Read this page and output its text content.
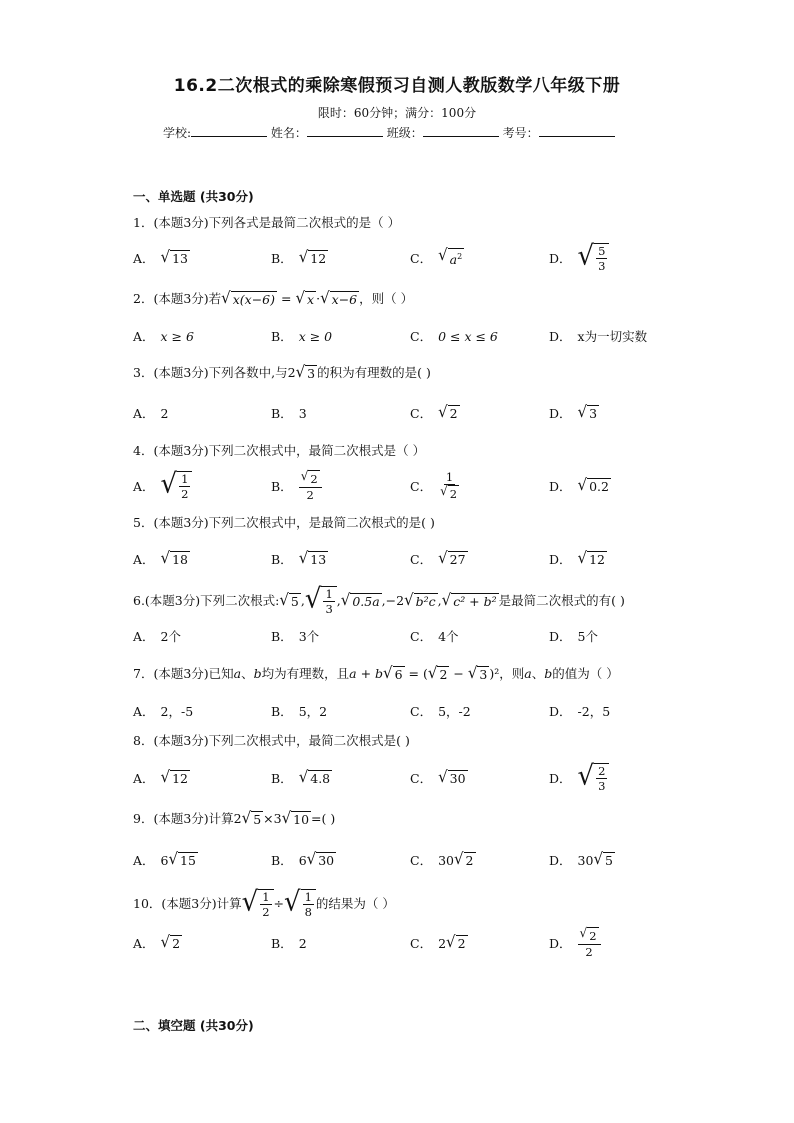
16.2二次根式的乘除寒假预习自测人教版数学八年级下册
限时：60分钟；满分：100分
学校:	姓名：	班级：	考号：
一、单选题 (共30分)
1．(本题3分)下列各式是最简二次根式的是（ ）
A． √ 13	B． √ 12	C． √ $a^2$	D． √ $\frac{5}{3}$
2．(本题3分)若 √ x(x−6) = √ x · √ x−6 ，则（ ）
A． x ≥ 6	B． x ≥ 0	C． 0 ≤ x ≤ 6	D． x为一切实数
3．(本题3分)下列各数中,与2 √ 3 的积为有理数的是( )
A． 2	B． 3	C． √ 2	D． √ 3
4．(本题3分)下列二次根式中，最简二次根式是（ ）
A． √ $\frac{1}{2}$	B． $\frac{√ 2}{2}$	C． $\frac{1}{√ 2}$	D． √ 0.2
5．(本题3分)下列二次根式中，是最简二次根式的是( )
A． √ 18	B． √ 13	C． √ 27	D． √ 12
6.(本题3分)下列二次根式: √ 5 , √ $\frac{1}{3}$ , √ 0.5a ,−2 √ b²c , √ c² + b² 是最简二次根式的有( )
A． 2个	B． 3个	C． 4个	D． 5个
7．(本题3分)已知a、b均为有理数，且a + b √ 6 = ( √ 2 − √ 3 )²，则a、b的值为（ ）
A． 2，-5	B． 5，2	C． 5，-2	D． -2，5
8．(本题3分)下列二次根式中，最简二次根式是( )
A． √ 12	B． √ 4.8	C． √ 30	D． √ $\frac{2}{3}$
9．(本题3分)计算2 √ 5 ×3 √ 10 =( )
A． 6 √ 15	B． 6 √ 30	C． 30 √ 2	D． 30 √ 5
10．(本题3分)计算 √ $\frac{1}{2}$ ÷ √ $\frac{1}{8}$ 的结果为（ ）
A． √ 2	B． 2	C． 2 √ 2	D． $\frac{√ 2}{2}$
二、填空题 (共30分)
